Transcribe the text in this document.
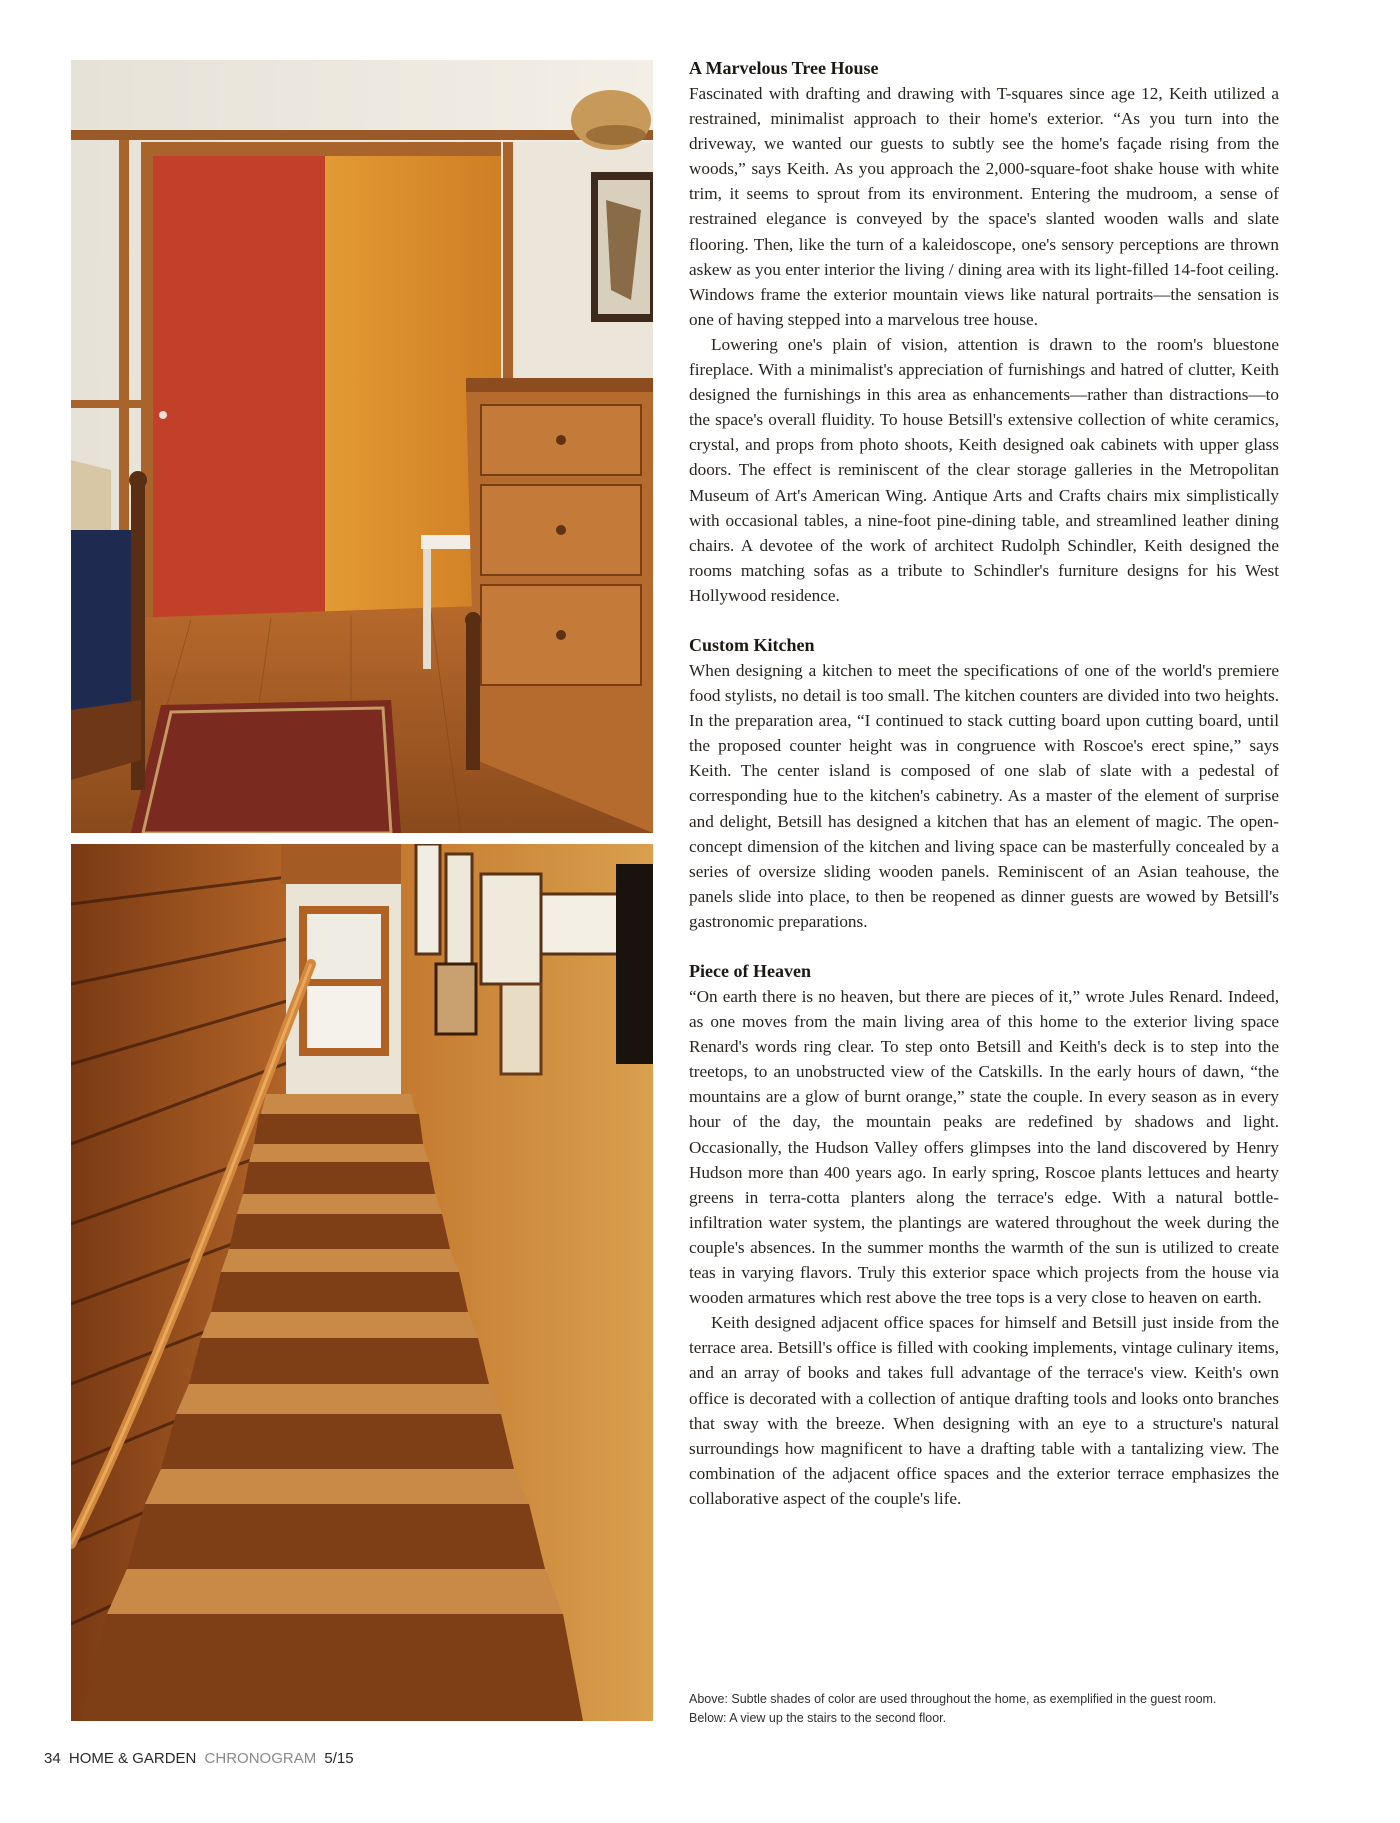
A Marvelous Tree House

Fascinated with drafting and drawing with T-squares since age 12, Keith utilized a restrained, minimalist approach to their home's exterior. “As you turn into the driveway, we wanted our guests to subtly see the home's façade rising from the woods,” says Keith. As you approach the 2,000-square-foot shake house with white trim, it seems to sprout from its environment. Entering the mudroom, a sense of restrained elegance is conveyed by the space's slanted wooden walls and slate flooring. Then, like the turn of a kaleidoscope, one's sensory perceptions are thrown askew as you enter interior the living / dining area with its light-filled 14-foot ceiling. Windows frame the exterior mountain views like natural portraits—the sensation is one of having stepped into a marvelous tree house.

Lowering one's plain of vision, attention is drawn to the room's bluestone fireplace. With a minimalist's appreciation of furnishings and hatred of clutter, Keith designed the furnishings in this area as enhancements—rather than distractions—to the space's overall fluidity. To house Betsill's extensive collection of white ceramics, crystal, and props from photo shoots, Keith designed oak cabinets with upper glass doors. The effect is reminiscent of the clear storage galleries in the Metropolitan Museum of Art's American Wing. Antique Arts and Crafts chairs mix simplistically with occasional tables, a nine-foot pine-dining table, and streamlined leather dining chairs. A devotee of the work of architect Rudolph Schindler, Keith designed the rooms matching sofas as a tribute to Schindler's furniture designs for his West Hollywood residence.

Custom Kitchen

When designing a kitchen to meet the specifications of one of the world's premiere food stylists, no detail is too small. The kitchen counters are divided into two heights. In the preparation area, “I continued to stack cutting board upon cutting board, until the proposed counter height was in congruence with Roscoe's erect spine,” says Keith. The center island is composed of one slab of slate with a pedestal of corresponding hue to the kitchen's cabinetry. As a master of the element of surprise and delight, Betsill has designed a kitchen that has an element of magic. The open-concept dimension of the kitchen and living space can be masterfully concealed by a series of oversize sliding wooden panels. Reminiscent of an Asian teahouse, the panels slide into place, to then be reopened as dinner guests are wowed by Betsill's gastronomic preparations.

Piece of Heaven

“On earth there is no heaven, but there are pieces of it,” wrote Jules Renard. Indeed, as one moves from the main living area of this home to the exterior living space Renard's words ring clear. To step onto Betsill and Keith's deck is to step into the treetops, to an unobstructed view of the Catskills. In the early hours of dawn, “the mountains are a glow of burnt orange,” state the couple. In every season as in every hour of the day, the mountain peaks are redefined by shadows and light. Occasionally, the Hudson Valley offers glimpses into the land discovered by Henry Hudson more than 400 years ago. In early spring, Roscoe plants lettuces and hearty greens in terra-cotta planters along the terrace's edge. With a natural bottle-infiltration water system, the plantings are watered throughout the week during the couple's absences. In the summer months the warmth of the sun is utilized to create teas in varying flavors. Truly this exterior space which projects from the house via wooden armatures which rest above the tree tops is a very close to heaven on earth.

Keith designed adjacent office spaces for himself and Betsill just inside from the terrace area. Betsill's office is filled with cooking implements, vintage culinary items, and an array of books and takes full advantage of the terrace's view. Keith's own office is decorated with a collection of antique drafting tools and looks onto branches that sway with the breeze. When designing with an eye to a structure's natural surroundings how magnificent to have a drafting table with a tantalizing view. The combination of the adjacent office spaces and the exterior terrace emphasizes the collaborative aspect of the couple's life.

Above: Subtle shades of color are used throughout the home, as exemplified in the guest room.
Below: A view up the stairs to the second floor.
34 HOME & GARDEN CHRONOGRAM 5/15
